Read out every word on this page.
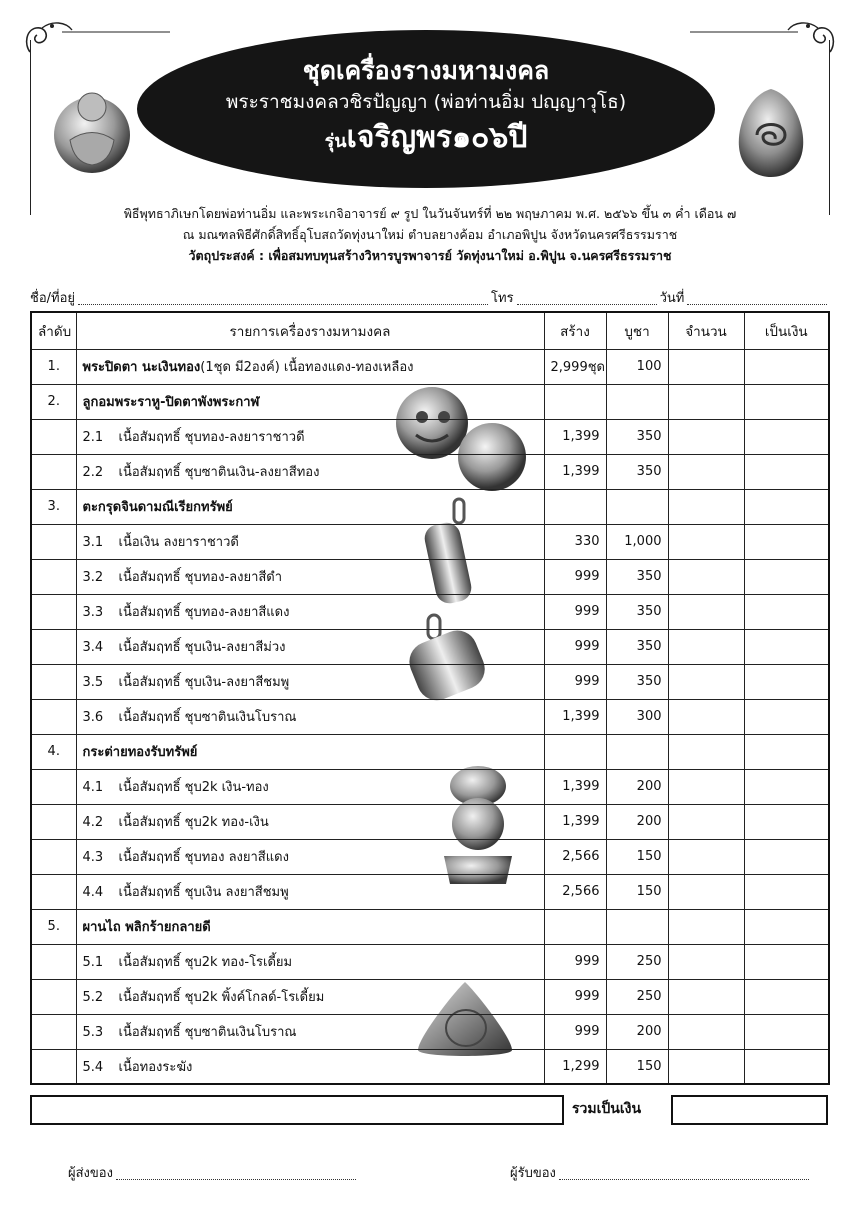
ชุดเครื่องรางมหามงคล
พระราชมงคลวชิรปัญญา (พ่อท่านอิ่ม ปญฺญาวุโธ)
รุ่นเจริญพร๑๐๖ปี
พิธีพุทธาภิเษกโดยพ่อท่านอิ่ม และพระเกจิอาจารย์ ๙ รูป ในวันจันทร์ที่ ๒๒ พฤษภาคม พ.ศ. ๒๕๖๖ ขึ้น ๓ ค่ำ เดือน ๗
ณ มณฑลพิธีศักดิ์สิทธิ์อุโบสถวัดทุ่งนาใหม่ ตำบลยางค้อม อำเภอพิปูน จังหวัดนครศรีธรรมราช
วัตถุประสงค์ : เพื่อสมทบทุนสร้างวิหารบูรพาจารย์ วัดทุ่งนาใหม่ อ.พิปูน จ.นครศรีธรรมราช
ชื่อ/ที่อยู่	โทร	วันที่
ลำดับ	รายการเครื่องรางมหามงคล	สร้าง	บูชา	จำนวน	เป็นเงิน
1.	พระปิดตา นะเงินทอง(1ชุด มี2องค์) เนื้อทองแดง-ทองเหลือง	2,999ชุด	100		
2.	ลูกอมพระราหู-ปิดตาพังพระกาฬ				
	2.1 เนื้อสัมฤทธิ์ ชุบทอง-ลงยาราชาวดี	1,399	350		
	2.2 เนื้อสัมฤทธิ์ ชุบซาตินเงิน-ลงยาสีทอง	1,399	350		
3.	ตะกรุดจินดามณีเรียกทรัพย์				
	3.1 เนื้อเงิน ลงยาราชาวดี	330	1,000		
	3.2 เนื้อสัมฤทธิ์ ชุบทอง-ลงยาสีดำ	999	350		
	3.3 เนื้อสัมฤทธิ์ ชุบทอง-ลงยาสีแดง	999	350		
	3.4 เนื้อสัมฤทธิ์ ชุบเงิน-ลงยาสีม่วง	999	350		
	3.5 เนื้อสัมฤทธิ์ ชุบเงิน-ลงยาสีชมพู	999	350		
	3.6 เนื้อสัมฤทธิ์ ชุบซาตินเงินโบราณ	1,399	300		
4.	กระต่ายทองรับทรัพย์				
	4.1 เนื้อสัมฤทธิ์ ชุบ2k เงิน-ทอง	1,399	200		
	4.2 เนื้อสัมฤทธิ์ ชุบ2k ทอง-เงิน	1,399	200		
	4.3 เนื้อสัมฤทธิ์ ชุบทอง ลงยาสีแดง	2,566	150		
	4.4 เนื้อสัมฤทธิ์ ชุบเงิน ลงยาสีชมพู	2,566	150		
5.	ผานไถ พลิกร้ายกลายดี				
	5.1 เนื้อสัมฤทธิ์ ชุบ2k ทอง-โรเดี้ยม	999	250		
	5.2 เนื้อสัมฤทธิ์ ชุบ2k พิ้งค์โกลด์-โรเดี้ยม	999	250		
	5.3 เนื้อสัมฤทธิ์ ชุบซาตินเงินโบราณ	999	200		
	5.4 เนื้อทองระฆัง	1,299	150		
รวมเป็นเงิน
ผู้ส่งของ	ผู้รับของ
